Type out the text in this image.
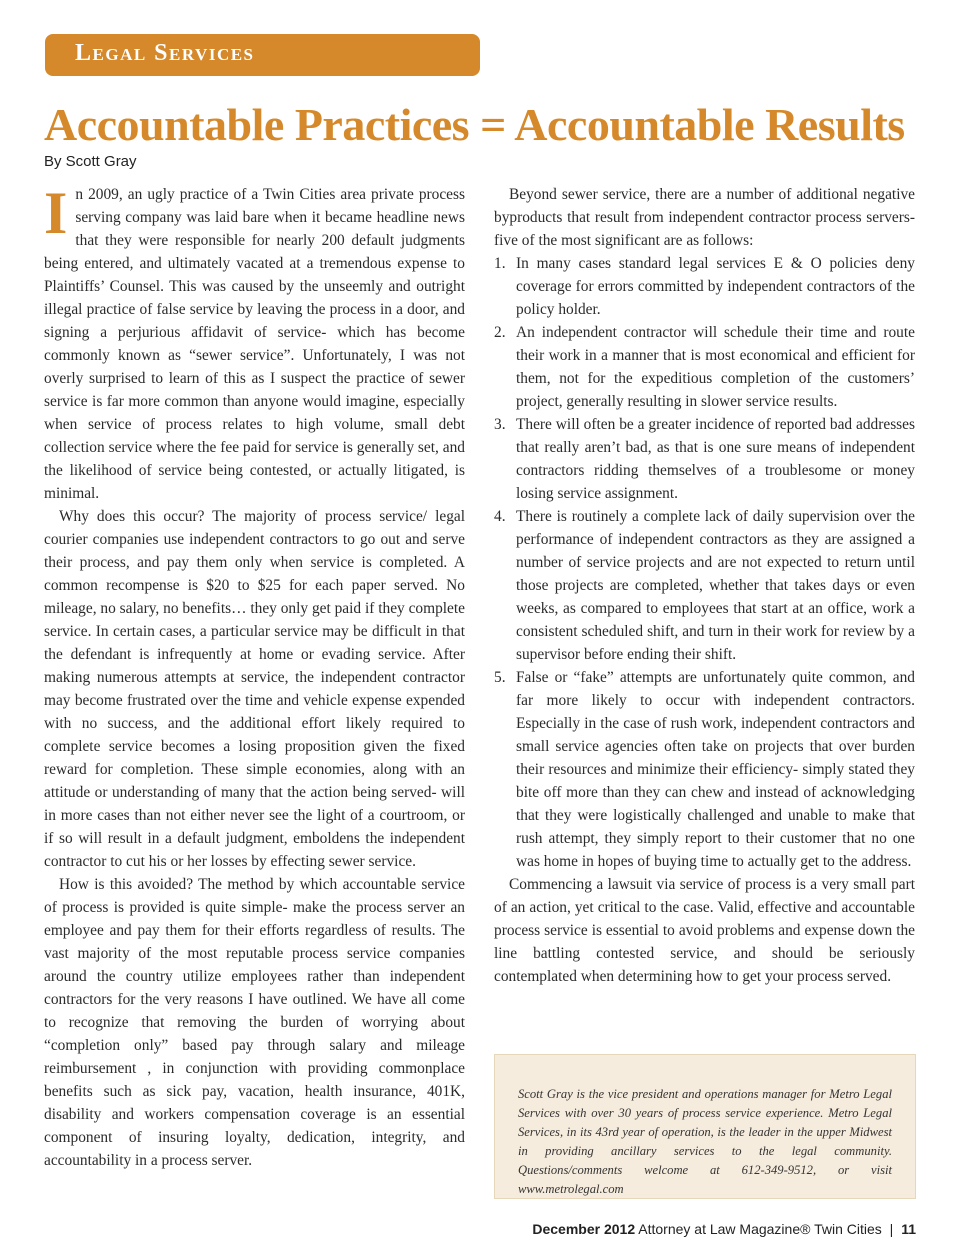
Legal Services
Accountable Practices = Accountable Results
By Scott Gray

In 2009, an ugly practice of a Twin Cities area private process serving company was laid bare when it became headline news that they were responsible for nearly 200 default judgments being entered, and ultimately vacated at a tremendous expense to Plaintiffs’ Counsel. This was caused by the unseemly and outright illegal practice of false service by leaving the process in a door, and signing a perjurious affidavit of service- which has become commonly known as “sewer service”. Unfortunately, I was not overly surprised to learn of this as I suspect the practice of sewer service is far more common than anyone would imagine, especially when service of process relates to high volume, small debt collection service where the fee paid for service is generally set, and the likelihood of service being contested, or actually litigated, is minimal.

Why does this occur? The majority of process service/ legal courier companies use independent contractors to go out and serve their process, and pay them only when service is completed. A common recompense is $20 to $25 for each paper served. No mileage, no salary, no benefits… they only get paid if they complete service. In certain cases, a particular service may be difficult in that the defendant is infrequently at home or evading service. After making numerous attempts at service, the independent contractor may become frustrated over the time and vehicle expense expended with no success, and the additional effort likely required to complete service becomes a losing proposition given the fixed reward for completion. These simple economies, along with an attitude or understanding of many that the action being served- will in more cases than not either never see the light of a courtroom, or if so will result in a default judgment, emboldens the independent contractor to cut his or her losses by effecting sewer service.

How is this avoided? The method by which accountable service of process is provided is quite simple- make the process server an employee and pay them for their efforts regardless of results. The vast majority of the most reputable process service companies around the country utilize employees rather than independent contractors for the very reasons I have outlined. We have all come to recognize that removing the burden of worrying about “completion only” based pay through salary and mileage reimbursement , in conjunction with providing commonplace benefits such as sick pay, vacation, health insurance, 401K, disability and workers compensation coverage is an essential component of insuring loyalty, dedication, integrity, and accountability in a process server.

Beyond sewer service, there are a number of additional negative byproducts that result from independent contractor process servers- five of the most significant are as follows:

1. In many cases standard legal services E & O policies deny coverage for errors committed by independent contractors of the policy holder.
2. An independent contractor will schedule their time and route their work in a manner that is most economical and efficient for them, not for the expeditious completion of the customers’ project, generally resulting in slower service results.
3. There will often be a greater incidence of reported bad addresses that really aren’t bad, as that is one sure means of independent contractors ridding themselves of a troublesome or money losing service assignment.
4. There is routinely a complete lack of daily supervision over the performance of independent contractors as they are assigned a number of service projects and are not expected to return until those projects are completed, whether that takes days or even weeks, as compared to employees that start at an office, work a consistent scheduled shift, and turn in their work for review by a supervisor before ending their shift.
5. False or “fake” attempts are unfortunately quite common, and far more likely to occur with independent contractors. Especially in the case of rush work, independent contractors and small service agencies often take on projects that over burden their resources and minimize their efficiency- simply stated they bite off more than they can chew and instead of acknowledging that they were logistically challenged and unable to make that rush attempt, they simply report to their customer that no one was home in hopes of buying time to actually get to the address.

Commencing a lawsuit via service of process is a very small part of an action, yet critical to the case. Valid, effective and accountable process service is essential to avoid problems and expense down the line battling contested service, and should be seriously contemplated when determining how to get your process served.

Scott Gray is the vice president and operations manager for Metro Legal Services with over 30 years of process service experience. Metro Legal Services, in its 43rd year of operation, is the leader in the upper Midwest in providing ancillary services to the legal community. Questions/comments welcome at 612-349-9512, or visit www.metrolegal.com

December 2012 Attorney at Law Magazine® Twin Cities | 11
